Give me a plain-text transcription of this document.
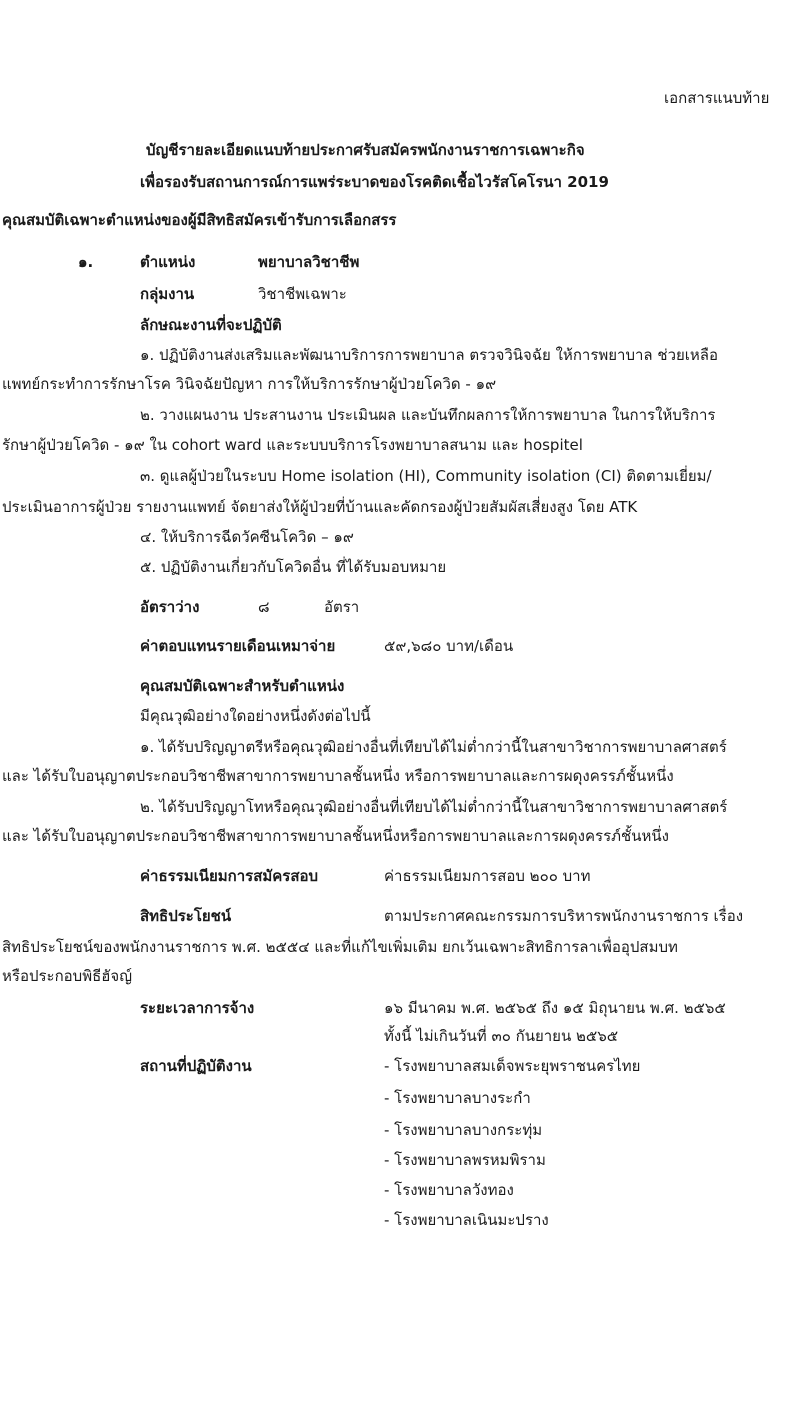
เอกสารแนบท้าย
บัญชีรายละเอียดแนบท้ายประกาศรับสมัครพนักงานราชการเฉพาะกิจ
เพื่อรองรับสถานการณ์การแพร่ระบาดของโรคติดเชื้อไวรัสโคโรนา 2019
คุณสมบัติเฉพาะตำแหน่งของผู้มีสิทธิสมัครเข้ารับการเลือกสรร
๑.	ตำแหน่ง	พยาบาลวิชาชีพ
กลุ่มงาน	วิชาชีพเฉพาะ
ลักษณะงานที่จะปฏิบัติ
๑. ปฏิบัติงานส่งเสริมและพัฒนาบริการการพยาบาล ตรวจวินิจฉัย ให้การพยาบาล ช่วยเหลือ
แพทย์กระทำการรักษาโรค วินิจฉัยปัญหา การให้บริการรักษาผู้ป่วยโควิด - ๑๙
๒. วางแผนงาน ประสานงาน ประเมินผล และบันทึกผลการให้การพยาบาล ในการให้บริการ
รักษาผู้ป่วยโควิด - ๑๙ ใน cohort ward และระบบบริการโรงพยาบาลสนาม และ hospitel
๓. ดูแลผู้ป่วยในระบบ Home isolation (HI), Community isolation (CI) ติดตามเยี่ยม/
ประเมินอาการผู้ป่วย รายงานแพทย์ จัดยาส่งให้ผู้ป่วยที่บ้านและคัดกรองผู้ป่วยสัมผัสเสี่ยงสูง โดย ATK
๔. ให้บริการฉีดวัคซีนโควิด – ๑๙
๕. ปฏิบัติงานเกี่ยวกับโควิดอื่น ที่ได้รับมอบหมาย
อัตราว่าง	๘	อัตรา
ค่าตอบแทนรายเดือนเหมาจ่าย	๕๙,๖๘๐ บาท/เดือน
คุณสมบัติเฉพาะสำหรับตำแหน่ง
มีคุณวุฒิอย่างใดอย่างหนึ่งดังต่อไปนี้
๑. ได้รับปริญญาตรีหรือคุณวุฒิอย่างอื่นที่เทียบได้ไม่ต่ำกว่านี้ในสาขาวิชาการพยาบาลศาสตร์
และ ได้รับใบอนุญาตประกอบวิชาชีพสาขาการพยาบาลชั้นหนึ่ง หรือการพยาบาลและการผดุงครรภ์ชั้นหนึ่ง
๒. ได้รับปริญญาโทหรือคุณวุฒิอย่างอื่นที่เทียบได้ไม่ต่ำกว่านี้ในสาขาวิชาการพยาบาลศาสตร์
และ ได้รับใบอนุญาตประกอบวิชาชีพสาขาการพยาบาลชั้นหนึ่งหรือการพยาบาลและการผดุงครรภ์ชั้นหนึ่ง
ค่าธรรมเนียมการสมัครสอบ	ค่าธรรมเนียมการสอบ ๒๐๐ บาท
สิทธิประโยชน์	ตามประกาศคณะกรรมการบริหารพนักงานราชการ เรื่อง
สิทธิประโยชน์ของพนักงานราชการ พ.ศ. ๒๕๕๔ และที่แก้ไขเพิ่มเติม ยกเว้นเฉพาะสิทธิการลาเพื่ออุปสมบท
หรือประกอบพิธีฮัจญ์
ระยะเวลาการจ้าง	๑๖ มีนาคม พ.ศ. ๒๕๖๕ ถึง ๑๕ มิถุนายน พ.ศ. ๒๕๖๕
ทั้งนี้ ไม่เกินวันที่ ๓๐ กันยายน ๒๕๖๕
สถานที่ปฏิบัติงาน	- โรงพยาบาลสมเด็จพระยุพราชนครไทย
- โรงพยาบาลบางระกำ
- โรงพยาบาลบางกระทุ่ม
- โรงพยาบาลพรหมพิราม
- โรงพยาบาลวังทอง
- โรงพยาบาลเนินมะปราง
